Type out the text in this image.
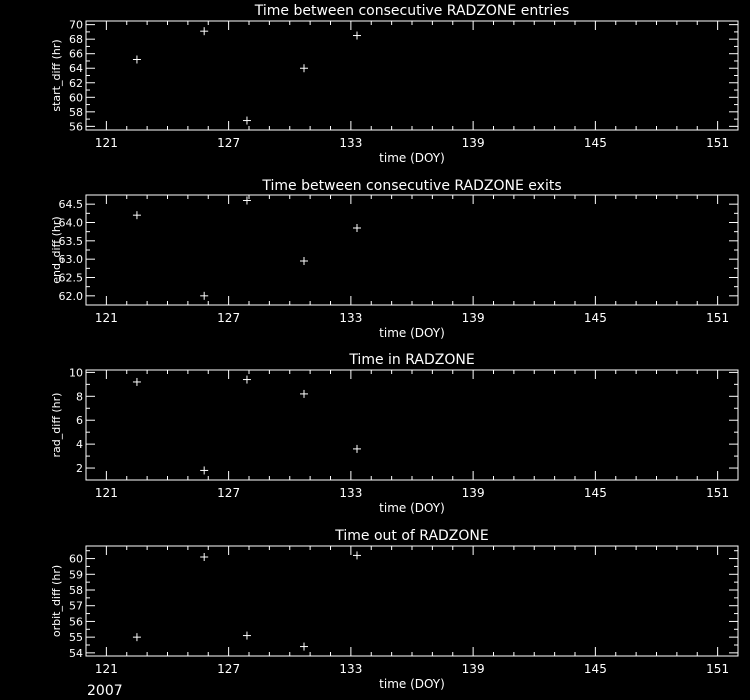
Time between consecutive RADZONE entries
121	127	133	139	145	151
time (DOY)
56
58
60
62
64
66
68
70
start_diff (hr)
Time between consecutive RADZONE exits
121	127	133	139	145	151
time (DOY)
62.0
62.5
63.0
63.5
64.0
64.5
end_diff (hr)
Time in RADZONE
121	127	133	139	145	151
time (DOY)
2
4
6
8
10
rad_diff (hr)
Time out of RADZONE
121	127	133	139	145	151
time (DOY)
54
55
56
57
58
59
60
orbit_diff (hr)
2007
